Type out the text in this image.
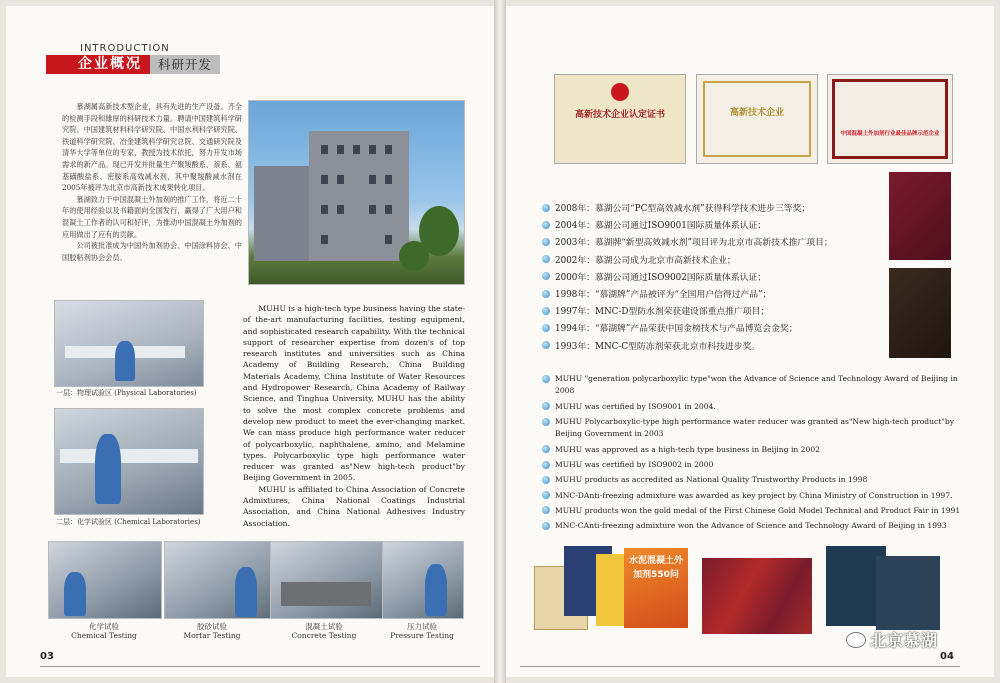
INTRODUCTION
企业概况	科研开发

慕湖属高新技术型企业，具有先进的生产设备、齐全的检测手段和雄厚的科研技术力量。聘请中国建筑科学研究院、中国建筑材料科学研究院、中国水利科学研究院、铁道科学研究院、冶金建筑科学研究总院、交通研究院及清华大学等单位的专家，教授为技术依托，努力开发市场需求的新产品。现已开发并批量生产聚羧酸系、萘系、氨基磺酸盐系、密胺系高效减水剂，其中聚羧酸减水剂在2005年被评为北京市高新技术成果转化项目。

慕湖致力于中国混凝土外加剂的推广工作，将近二十年的使用经验以及书籍面向全国发行，赢得了广大用户和混凝土工作者的认可和好评，为推动中国混凝土外加剂的应用做出了应有的贡献。

公司被批准成为中国外加剂协会、中国涂料协会、中国胶粘剂协会会员。

一层：物理试验区 (Physical Laboratories)
二层：化学试验区 (Chemical Laboratories)

MUHU is a high-tech type business having the state-of the-art manufacturing facilities, testing equipment, and sophisticated research capability. With the technical support of researcher expertise from dozen's of top research institutes and universities such as China Academy of Building Research, China Building Materials Academy, China Institute of Water Resources and Hydropower Research, China Academy of Railway Science, and Tinghua University, MUHU has the ability to solve the most complex concrete problems and develop new product to meet the ever-changing market. We can mass produce high performance water reducer of polycarboxylic, naphthalene, amino, and Melamine types. Polycarboxylic type high performance water reducer was granted as"New high-tech product"by Beijing Government in 2005.

MUHU is affiliated to China Association of Concrete Admixtures, China National Coatings Industrial Association, and China National Adhesives Industry Association.

化学试验
Chemical Testing
胶砂试验
Mortar Testing
混凝土试验
Concrete Testing
压力试验
Pressure Testing
03
高新技术企业认定证书	高新技术企业
中国混凝土外加剂行业最佳品牌示范企业
2008年：慕湖公司“PC型高效减水剂”获得科学技术进步三等奖；
2004年：慕湖公司通过ISO9001国际质量体系认证；
2003年：慕湖牌“新型高效减水剂”项目评为北京市高新技术推广项目；
2002年：慕湖公司成为北京市高新技术企业；
2000年：慕湖公司通过ISO9002国际质量体系认证；
1998年：“慕湖牌”产品被评为“全国用户信得过产品”；
1997年：MNC-D型防水剂荣获建设部重点推广项目；
1994年：“慕湖牌”产品荣获中国金榜技术与产品博览会金奖；
1993年：MNC-C型防冻剂荣获北京市科技进步奖。
MUHU "generation polycarboxylic type"won the Advance of Science and Technology Award of Beijing in 2008
MUHU was certified by ISO9001 in 2004.
MUHU Polycarboxylic-type high performance water reducer was granted as"New high-tech product"by Beijing Government in 2003
MUHU was approved as a high-tech type business in Beijing in 2002
MUHU was certified by ISO9002 in 2000
MUHU products as accredited as National Quality Trustworthy Products in 1998
MNC-DAnti-freezing admixture was awarded as key project by China Ministry of Construction in 1997.
MUHU products won the gold medal of the First Chinese Gold Model Technical and Product Fair in 1991
MNC-CAnti-freezing admixture won the Advance of Science and Technology Award of Beijing in 1993
水泥混凝土外加剂550问
北京慕湖
04
